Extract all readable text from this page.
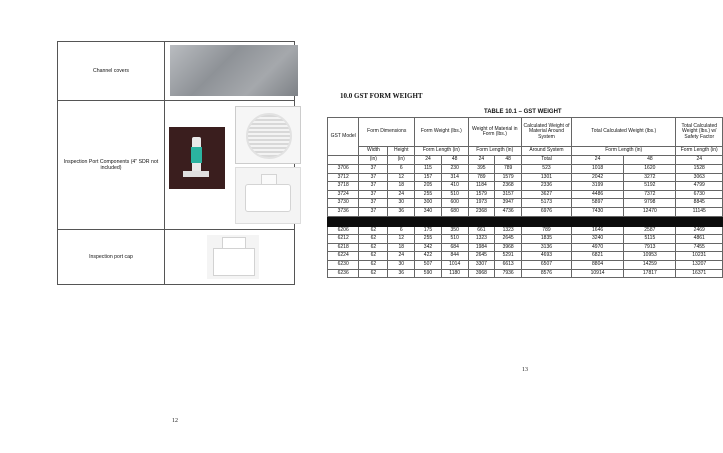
Channel covers	

Inspection Port Components (4" SDR not included)	

Inspection port cap	
12
10.0 GST FORM WEIGHT
TABLE 10.1 – GST WEIGHT
GST Model	Form Dimensions		Form Weight (lbs.)		Weight of Material in Form (lbs.)		Calculated Weight of Material Around System	Total Calculated Weight (lbs.)		Total Calculated Weight (lbs.) w/ Safety Factor
	Width	Height	Form Length (in)		Form Length (in)		Around System	Form Length (in)		Form Length (in)
	(in)	(in)	24	48	24	48	Total	24	48	24
3706	37	6	115	230	395	789	523	1018	1620	1528
3712	37	12	157	314	789	1579	1301	2042	3272	3063
3718	37	18	205	410	1184	2368	2336	3199	5192	4799
3724	37	24	255	510	1579	3157	3627	4486	7372	6730
3730	37	30	300	600	1973	3947	5173	5897	9798	8845
3736	37	36	340	680	2368	4736	6976	7430	12470	11145

6206	62	6	175	350	661	1323	789	1646	2587	2469
6212	62	12	255	510	1323	2645	1835	3240	5115	4861
6218	62	18	342	684	1984	3968	3136	4970	7913	7455
6224	62	24	422	844	2645	5291	4693	6821	10953	10231
6230	62	30	507	1014	3307	6613	6507	8804	14259	13207
6236	62	36	590	1180	3968	7936	8576	10914	17817	16371
13
